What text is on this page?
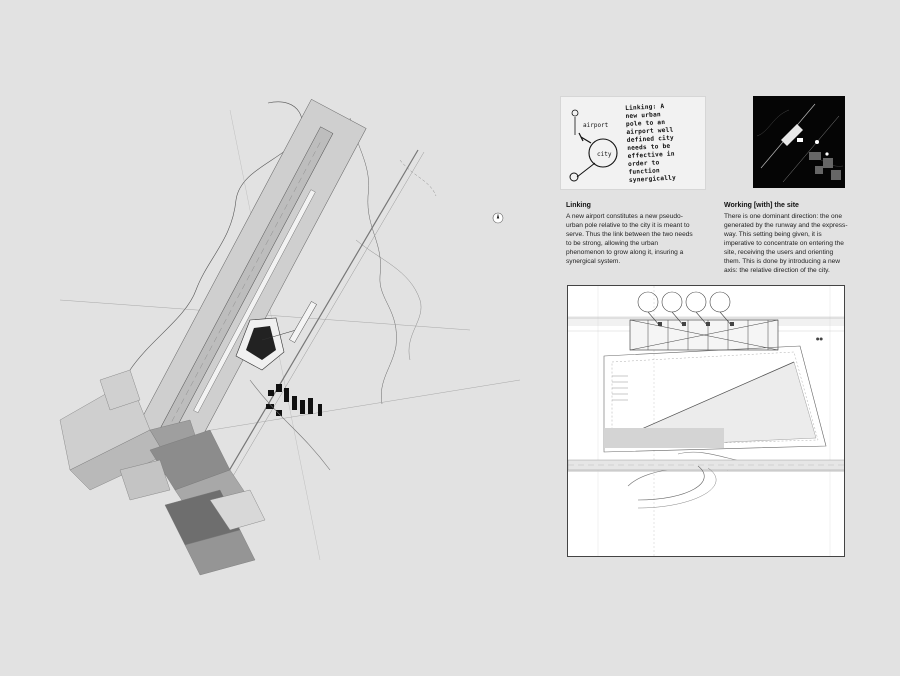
airport
city
Linking: A
new urban
pole to an
airport well
defined city
needs to be
effective in
order to
function
synergically
Linking

A new airport constitutes a new pseudo-urban pole relative to the city it is meant to serve. Thus the link between the two needs to be strong, allowing the urban phenomenon to grow along it, insuring a synergical system.

Working [with] the site

There is one dominant direction: the one generated by the runway and the express-way. This setting being given, it is imperative to concentrate on entering the site, receiving the users and orienting them. This is done by introducing a new axis: the relative direction of the city.

●●
